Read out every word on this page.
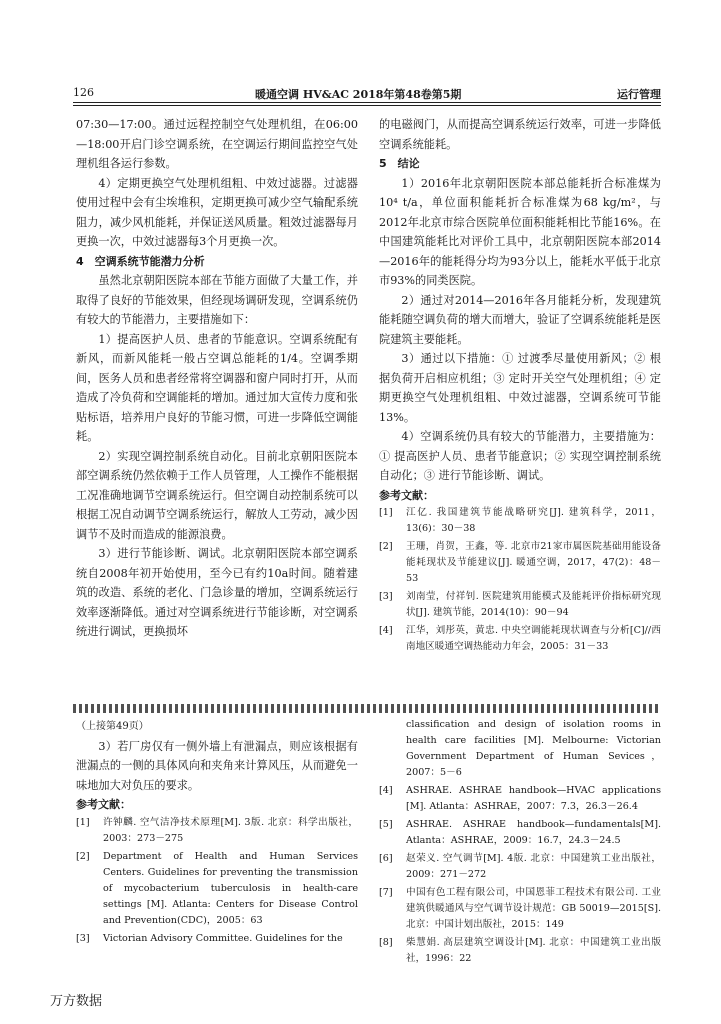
126	暖通空调 HV&AC 2018年第48卷第5期	运行管理

07:30—17:00。通过远程控制空气处理机组，在06:00—18:00开启门诊空调系统，在空调运行期间监控空气处理机组各运行参数。

4）定期更换空气处理机组粗、中效过滤器。过滤器使用过程中会有尘埃堆积，定期更换可减少空气输配系统阻力，减少风机能耗，并保证送风质量。粗效过滤器每月更换一次，中效过滤器每3个月更换一次。

4　空调系统节能潜力分析

虽然北京朝阳医院本部在节能方面做了大量工作，并取得了良好的节能效果，但经现场调研发现，空调系统仍有较大的节能潜力，主要措施如下：

1）提高医护人员、患者的节能意识。空调系统配有新风，而新风能耗一般占空调总能耗的1/4。空调季期间，医务人员和患者经常将空调器和窗户同时打开，从而造成了冷负荷和空调能耗的增加。通过加大宣传力度和张贴标语，培养用户良好的节能习惯，可进一步降低空调能耗。

2）实现空调控制系统自动化。目前北京朝阳医院本部空调系统仍然依赖于工作人员管理，人工操作不能根据工况准确地调节空调系统运行。但空调自动控制系统可以根据工况自动调节空调系统运行，解放人工劳动，减少因调节不及时而造成的能源浪费。

3）进行节能诊断、调试。北京朝阳医院本部空调系统自2008年初开始使用，至今已有约10a时间。随着建筑的改造、系统的老化、门急诊量的增加，空调系统运行效率逐渐降低。通过对空调系统进行节能诊断，对空调系统进行调试，更换损坏

的电磁阀门，从而提高空调系统运行效率，可进一步降低空调系统能耗。

5　结论

1）2016年北京朝阳医院本部总能耗折合标准煤为10⁴ t/a，单位面积能耗折合标准煤为68 kg/m²，与2012年北京市综合医院单位面积能耗相比节能16%。在中国建筑能耗比对评价工具中，北京朝阳医院本部2014—2016年的能耗得分均为93分以上，能耗水平低于北京市93%的同类医院。

2）通过对2014—2016年各月能耗分析，发现建筑能耗随空调负荷的增大而增大，验证了空调系统能耗是医院建筑主要能耗。

3）通过以下措施：① 过渡季尽量使用新风；② 根据负荷开启相应机组；③ 定时开关空气处理机组；④ 定期更换空气处理机组粗、中效过滤器，空调系统可节能13%。

4）空调系统仍具有较大的节能潜力，主要措施为：① 提高医护人员、患者节能意识；② 实现空调控制系统自动化；③ 进行节能诊断、调试。

参考文献：

[1] 江亿. 我国建筑节能战略研究[J]. 建筑科学，2011，13(6)：30－38
[2] 王珊，肖贺，王鑫，等. 北京市21家市属医院基础用能设备能耗现状及节能建议[J]. 暖通空调，2017，47(2)：48－53
[3] 刘南莹，付祥钊. 医院建筑用能模式及能耗评价指标研究现状[J]. 建筑节能，2014(10)：90－94
[4] 江华，刘彤英，黄忠. 中央空调能耗现状调查与分析[C]//西南地区暖通空调热能动力年会，2005：31－33

（上接第49页）

3）若厂房仅有一侧外墙上有泄漏点，则应该根据有泄漏点的一侧的具体风向和夹角来计算风压，从而避免一味地加大对负压的要求。

参考文献：

[1] 许钟麟. 空气洁净技术原理[M]. 3版. 北京：科学出版社，2003：273－275
[2] Department of Health and Human Services Centers. Guidelines for preventing the transmission of mycobacterium tuberculosis in health-care settings [M]. Atlanta: Centers for Disease Control and Prevention(CDC)，2005：63
[3] Victorian Advisory Committee. Guidelines for the
classification and design of isolation rooms in health care facilities [M]. Melbourne: Victorian Government Department of Human Sevices，2007：5－6
[4] ASHRAE. ASHRAE handbook—HVAC applications [M]. Atlanta：ASHRAE，2007：7.3，26.3－26.4
[5] ASHRAE. ASHRAE handbook—fundamentals[M]. Atlanta：ASHRAE，2009：16.7，24.3－24.5
[6] 赵荣义. 空气调节[M]. 4版. 北京：中国建筑工业出版社，2009：271－272
[7] 中国有色工程有限公司，中国恩菲工程技术有限公司. 工业建筑供暖通风与空气调节设计规范：GB 50019—2015[S]. 北京：中国计划出版社，2015：149
[8] 柴慧娟. 高层建筑空调设计[M]. 北京：中国建筑工业出版社，1996：22
万方数据
